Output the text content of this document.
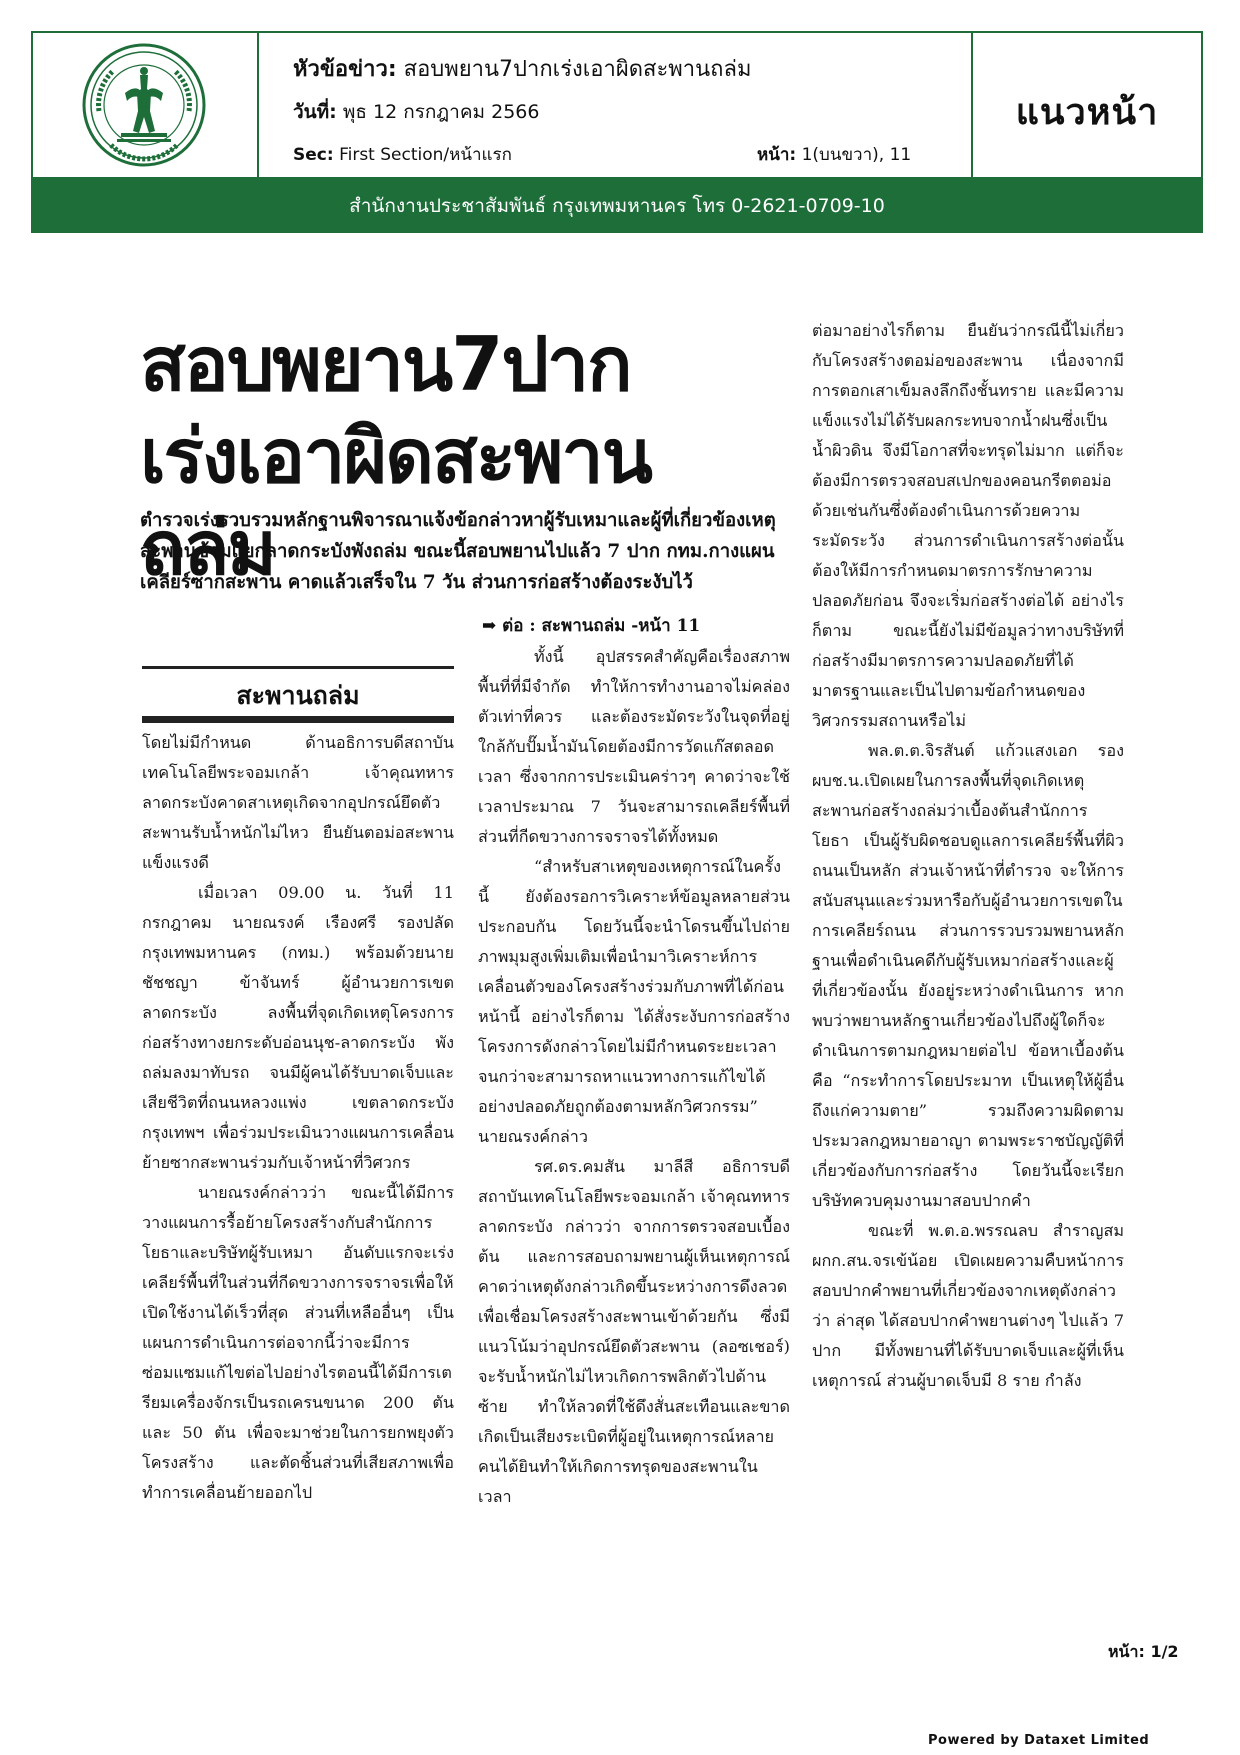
หัวข้อข่าว: สอบพยาน7ปากเร่งเอาผิดสะพานถล่ม
วันที่: พุธ 12 กรกฎาคม 2566
Sec: First Section/หน้าแรก	หน้า: 1(บนขวา), 11
แนวหน้า
สำนักงานประชาสัมพันธ์ กรุงเทพมหานคร โทร 0-2621-0709-10
สอบพยาน7ปาก
เร่งเอาผิดสะพานถล่ม
ตำรวจเร่งรวบรวมหลักฐานพิจารณาแจ้งข้อกล่าวหาผู้รับเหมาและผู้ที่เกี่ยวข้องเหตุสะพานข้ามแยกลาดกระบังพังถล่ม ขณะนี้สอบพยานไปแล้ว 7 ปาก กทม.กางแผนเคลียร์ซากสะพาน คาดแล้วเสร็จใน 7 วัน ส่วนการก่อสร้างต้องระงับไว้
➡ ต่อ : สะพานถล่ม -หน้า 11
สะพานถล่ม

โดยไม่มีกำหนด ด้านอธิการบดีสถาบันเทคโนโลยีพระจอมเกล้า เจ้าคุณทหารลาดกระบังคาดสาเหตุเกิดจากอุปกรณ์ยึดตัวสะพานรับน้ำหนักไม่ไหว ยืนยันตอม่อสะพานแข็งแรงดี

เมื่อเวลา 09.00 น. วันที่ 11 กรกฎาคม นายณรงค์ เรืองศรี รองปลัดกรุงเทพมหานคร (กทม.) พร้อมด้วยนายชัชชญา ข้าจันทร์ ผู้อำนวยการเขตลาดกระบัง ลงพื้นที่จุดเกิดเหตุโครงการก่อสร้างทางยกระดับอ่อนนุช-ลาดกระบัง พังถล่มลงมาทับรถ จนมีผู้คนได้รับบาดเจ็บและเสียชีวิตที่ถนนหลวงแพ่ง เขตลาดกระบัง กรุงเทพฯ เพื่อร่วมประเมินวางแผนการเคลื่อนย้ายซากสะพานร่วมกับเจ้าหน้าที่วิศวกร

นายณรงค์กล่าวว่า ขณะนี้ได้มีการวางแผนการรื้อย้ายโครงสร้างกับสำนักการโยธาและบริษัทผู้รับเหมา อันดับแรกจะเร่งเคลียร์พื้นที่ในส่วนที่กีดขวางการจราจรเพื่อให้เปิดใช้งานได้เร็วที่สุด ส่วนที่เหลืออื่นๆ เป็นแผนการดำเนินการต่อจากนี้ว่าจะมีการซ่อมแซมแก้ไขต่อไปอย่างไรตอนนี้ได้มีการเตรียมเครื่องจักรเป็นรถเครนขนาด 200 ตัน และ 50 ตัน เพื่อจะมาช่วยในการยกพยุงตัวโครงสร้าง และตัดชิ้นส่วนที่เสียสภาพเพื่อทำการเคลื่อนย้ายออกไป

ทั้งนี้ อุปสรรคสำคัญคือเรื่องสภาพพื้นที่ที่มีจำกัด ทำให้การทำงานอาจไม่คล่องตัวเท่าที่ควร และต้องระมัดระวังในจุดที่อยู่ใกล้กับปั๊มน้ำมันโดยต้องมีการวัดแก๊สตลอดเวลา ซึ่งจากการประเมินคร่าวๆ คาดว่าจะใช้เวลาประมาณ 7 วันจะสามารถเคลียร์พื้นที่ส่วนที่กีดขวางการจราจรได้ทั้งหมด

“สำหรับสาเหตุของเหตุการณ์ในครั้งนี้ ยังต้องรอการวิเคราะห์ข้อมูลหลายส่วนประกอบกัน โดยวันนี้จะนำโดรนขึ้นไปถ่ายภาพมุมสูงเพิ่มเติมเพื่อนำมาวิเคราะห์การเคลื่อนตัวของโครงสร้างร่วมกับภาพที่ได้ก่อนหน้านี้ อย่างไรก็ตาม ได้สั่งระงับการก่อสร้างโครงการดังกล่าวโดยไม่มีกำหนดระยะเวลา จนกว่าจะสามารถหาแนวทางการแก้ไขได้อย่างปลอดภัยถูกต้องตามหลักวิศวกรรม” นายณรงค์กล่าว

รศ.ดร.คมสัน มาลีสี อธิการบดีสถาบันเทคโนโลยีพระจอมเกล้า เจ้าคุณทหารลาดกระบัง กล่าวว่า จากการตรวจสอบเบื้องต้น และการสอบถามพยานผู้เห็นเหตุการณ์คาดว่าเหตุดังกล่าวเกิดขึ้นระหว่างการดึงลวดเพื่อเชื่อมโครงสร้างสะพานเข้าด้วยกัน ซึ่งมีแนวโน้มว่าอุปกรณ์ยึดตัวสะพาน (ลอซเชอร์) จะรับน้ำหนักไม่ไหวเกิดการพลิกตัวไปด้านซ้าย ทำให้ลวดที่ใช้ดึงสั่นสะเทือนและขาด เกิดเป็นเสียงระเบิดที่ผู้อยู่ในเหตุการณ์หลายคนได้ยินทำให้เกิดการทรุดของสะพานในเวลา

ต่อมาอย่างไรก็ตาม ยืนยันว่ากรณีนี้ไม่เกี่ยวกับโครงสร้างตอม่อของสะพาน เนื่องจากมีการตอกเสาเข็มลงลึกถึงชั้นทราย และมีความแข็งแรงไม่ได้รับผลกระทบจากน้ำฝนซึ่งเป็นน้ำผิวดิน จึงมีโอกาสที่จะทรุดไม่มาก แต่ก็จะต้องมีการตรวจสอบสเปกของคอนกรีตตอม่อด้วยเช่นกันซึ่งต้องดำเนินการด้วยความระมัดระวัง ส่วนการดำเนินการสร้างต่อนั้นต้องให้มีการกำหนดมาตรการรักษาความปลอดภัยก่อน จึงจะเริ่มก่อสร้างต่อได้ อย่างไรก็ตาม ขณะนี้ยังไม่มีข้อมูลว่าทางบริษัทที่ก่อสร้างมีมาตรการความปลอดภัยที่ได้มาตรฐานและเป็นไปตามข้อกำหนดของวิศวกรรมสถานหรือไม่

พล.ต.ต.จิรสันต์ แก้วแสงเอก รองผบช.น.เปิดเผยในการลงพื้นที่จุดเกิดเหตุสะพานก่อสร้างถล่มว่าเบื้องต้นสำนักการโยธา เป็นผู้รับผิดชอบดูแลการเคลียร์พื้นที่ผิวถนนเป็นหลัก ส่วนเจ้าหน้าที่ตำรวจ จะให้การสนับสนุนและร่วมหารือกับผู้อำนวยการเขตในการเคลียร์ถนน ส่วนการรวบรวมพยานหลักฐานเพื่อดำเนินคดีกับผู้รับเหมาก่อสร้างและผู้ที่เกี่ยวข้องนั้น ยังอยู่ระหว่างดำเนินการ หากพบว่าพยานหลักฐานเกี่ยวข้องไปถึงผู้ใดก็จะดำเนินการตามกฎหมายต่อไป ข้อหาเบื้องต้นคือ “กระทำการโดยประมาท เป็นเหตุให้ผู้อื่นถึงแก่ความตาย” รวมถึงความผิดตามประมวลกฎหมายอาญา ตามพระราชบัญญัติที่เกี่ยวข้องกับการก่อสร้าง โดยวันนี้จะเรียกบริษัทควบคุมงานมาสอบปากคำ

ขณะที่ พ.ต.อ.พรรณลบ สำราญสม ผกก.สน.จรเข้น้อย เปิดเผยความคืบหน้าการสอบปากคำพยานที่เกี่ยวข้องจากเหตุดังกล่าวว่า ล่าสุด ได้สอบปากคำพยานต่างๆ ไปแล้ว 7 ปาก มีทั้งพยานที่ได้รับบาดเจ็บและผู้ที่เห็นเหตุการณ์ ส่วนผู้บาดเจ็บมี 8 ราย กำลัง

หน้า: 1/2
Powered by Dataxet Limited
